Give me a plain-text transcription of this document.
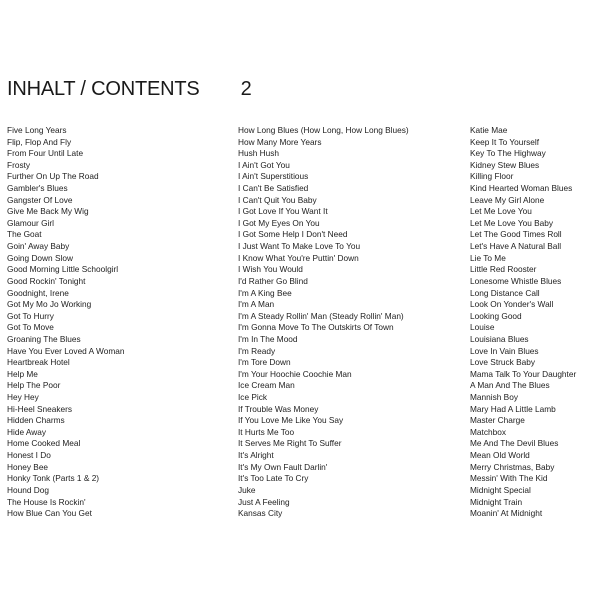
INHALT / CONTENTS 2
Five Long Years
Flip, Flop And Fly
From Four Until Late
Frosty
Further On Up The Road
Gambler's Blues
Gangster Of Love
Give Me Back My Wig
Glamour Girl
The Goat
Goin' Away Baby
Going Down Slow
Good Morning Little Schoolgirl
Good Rockin' Tonight
Goodnight, Irene
Got My Mo Jo Working
Got To Hurry
Got To Move
Groaning The Blues
Have You Ever Loved A Woman
Heartbreak Hotel
Help Me
Help The Poor
Hey Hey
Hi-Heel Sneakers
Hidden Charms
Hide Away
Home Cooked Meal
Honest I Do
Honey Bee
Honky Tonk (Parts 1 & 2)
Hound Dog
The House Is Rockin'
How Blue Can You Get
How Long Blues (How Long, How Long Blues)
How Many More Years
Hush Hush
I Ain't Got You
I Ain't Superstitious
I Can't Be Satisfied
I Can't Quit You Baby
I Got Love If You Want It
I Got My Eyes On You
I Got Some Help I Don't Need
I Just Want To Make Love To You
I Know What You're Puttin' Down
I Wish You Would
I'd Rather Go Blind
I'm A King Bee
I'm A Man
I'm A Steady Rollin' Man (Steady Rollin' Man)
I'm Gonna Move To The Outskirts Of Town
I'm In The Mood
I'm Ready
I'm Tore Down
I'm Your Hoochie Coochie Man
Ice Cream Man
Ice Pick
If Trouble Was Money
If You Love Me Like You Say
It Hurts Me Too
It Serves Me Right To Suffer
It's Alright
It's My Own Fault Darlin'
It's Too Late To Cry
Juke
Just A Feeling
Kansas City
Katie Mae
Keep It To Yourself
Key To The Highway
Kidney Stew Blues
Killing Floor
Kind Hearted Woman Blues
Leave My Girl Alone
Let Me Love You
Let Me Love You Baby
Let The Good Times Roll
Let's Have A Natural Ball
Lie To Me
Little Red Rooster
Lonesome Whistle Blues
Long Distance Call
Look On Yonder's Wall
Looking Good
Louise
Louisiana Blues
Love In Vain Blues
Love Struck Baby
Mama Talk To Your Daughter
A Man And The Blues
Mannish Boy
Mary Had A Little Lamb
Master Charge
Matchbox
Me And The Devil Blues
Mean Old World
Merry Christmas, Baby
Messin' With The Kid
Midnight Special
Midnight Train
Moanin' At Midnight
